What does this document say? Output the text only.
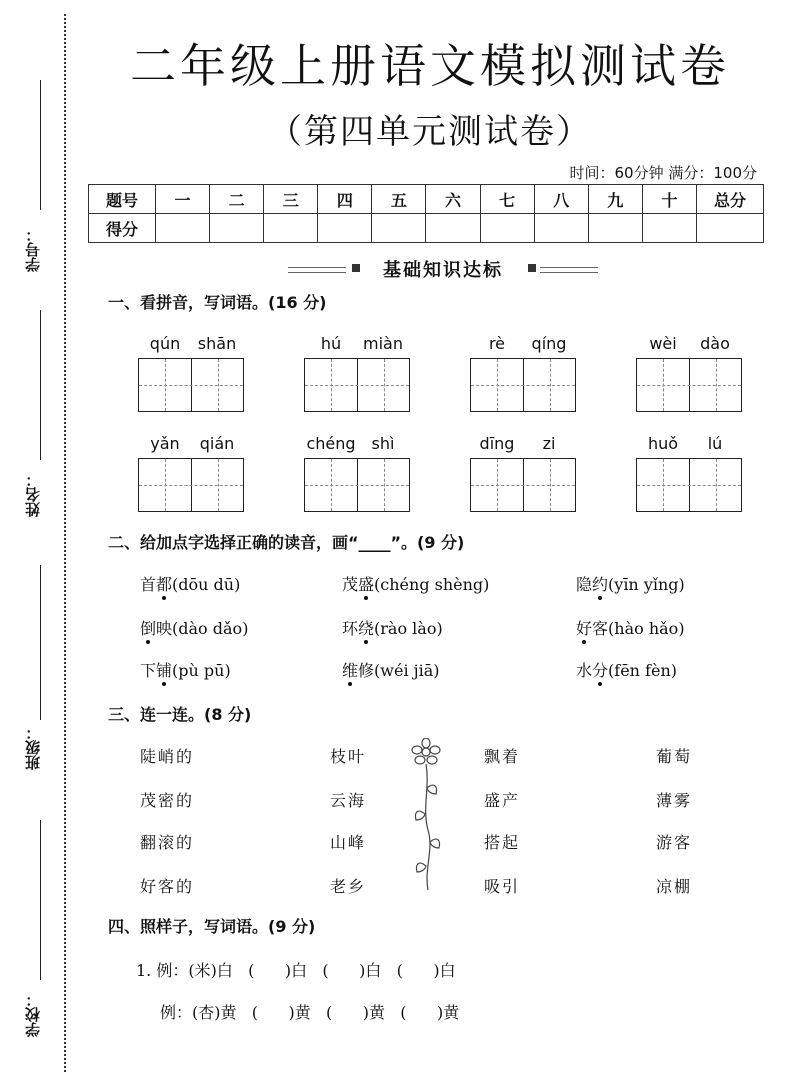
学号：
姓名：
班级：
学校：
二年级上册语文模拟测试卷
（第四单元测试卷）
时间：60分钟 满分：100分
题号	一	二	三	四	五	六	七	八	九	十	总分
得分											
基础知识达标
一、看拼音，写词语。(16 分)
qún	shān	hú	miàn	rè	qíng	wèi	dào
yǎn	qián	chéng	shì	dīng	zi	huǒ	lú
二、给加点字选择正确的读音，画“____”。(9 分)
首都(dōu dū)	茂盛(chéng shèng)	隐约(yīn yǐng)
倒映(dào dǎo)	环绕(rào lào)	好客(hào hǎo)
下铺(pù pū)	维修(wéi jiā)	水分(fēn fèn)
三、连一连。(8 分)
陡峭的
茂密的
翻滚的
好客的
枝叶
云海
山峰
老乡
飘着
盛产
搭起
吸引
葡萄
薄雾
游客
凉棚
四、照样子，写词语。(9 分)
1. 例：(米)白   (      )白   (      )白   (      )白
例：(杏)黄   (      )黄   (      )黄   (      )黄
